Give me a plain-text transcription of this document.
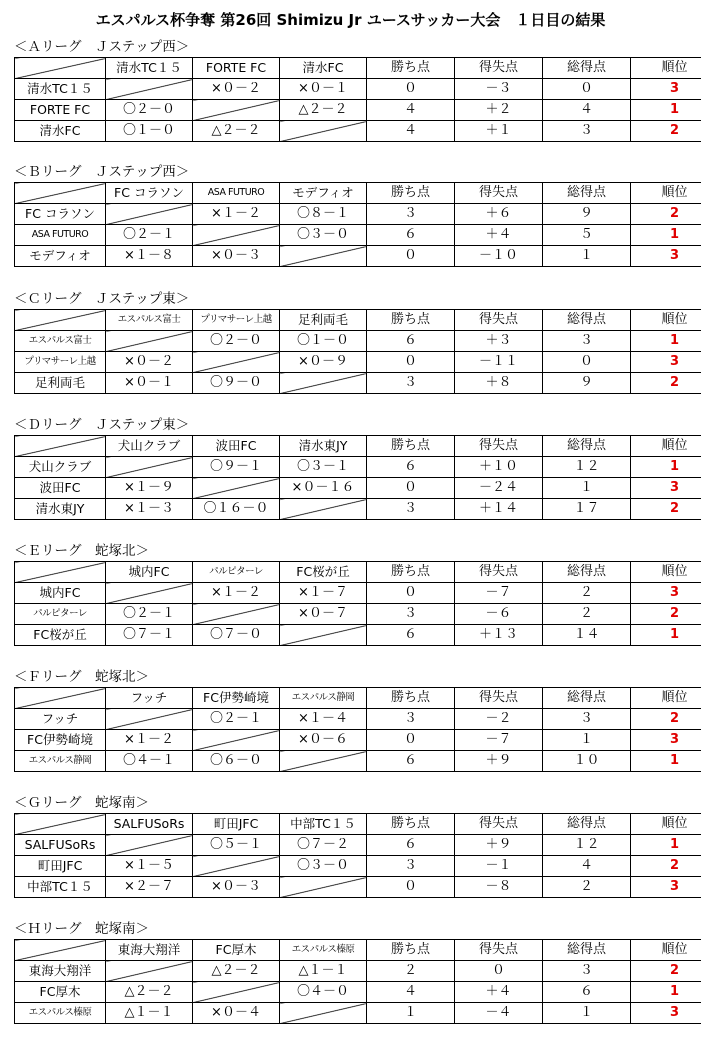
エスパルス杯争奪 第26回 Shimizu Jr ユースサッカー大会　１日目の結果
＜Ａリーグ　Ｊステップ西＞
	清水TC１５	FORTE FC	清水FC	勝ち点	得失点	総得点	順位
清水TC１５		×０－２	×０－１	０	－３	０	3
FORTE FC	〇２－０		△２－２	４	＋２	４	1
清水FC	〇１－０	△２－２		４	＋１	３	2
＜Ｂリーグ　Ｊステップ西＞
	FC コラソン	ASA FUTURO	モデフィオ	勝ち点	得失点	総得点	順位
FC コラソン		×１－２	〇８－１	３	＋６	９	2
ASA FUTURO	〇２－１		〇３－０	６	＋４	５	1
モデフィオ	×１－８	×０－３		０	－１０	１	3
＜Ｃリーグ　Ｊステップ東＞
	エスパルス富士	プリマサーレ上越	足利両毛	勝ち点	得失点	総得点	順位
エスパルス富士		〇２－０	〇１－０	６	＋３	３	1
プリマサーレ上越	×０－２		×０－９	０	－１１	０	3
足利両毛	×０－１	〇９－０		３	＋８	９	2
＜Ｄリーグ　Ｊステップ東＞
	犬山クラブ	波田FC	清水東JY	勝ち点	得失点	総得点	順位
犬山クラブ		〇９－１	〇３－１	６	＋１０	１２	1
波田FC	×１－９		×０－１６	０	－２４	１	3
清水東JY	×１－３	〇１６－０		３	＋１４	１７	2
＜Ｅリーグ　蛇塚北＞
	城内FC	パルピターレ	FC桜が丘	勝ち点	得失点	総得点	順位
城内FC		×１－２	×１－７	０	－７	２	3
パルピターレ	〇２－１		×０－７	３	－６	２	2
FC桜が丘	〇７－１	〇７－０		６	＋１３	１４	1
＜Ｆリーグ　蛇塚北＞
	フッチ	FC伊勢崎境	エスパルス静岡	勝ち点	得失点	総得点	順位
フッチ		〇２－１	×１－４	３	－２	３	2
FC伊勢崎境	×１－２		×０－６	０	－７	１	3
エスパルス静岡	〇４－１	〇６－０		６	＋９	１０	1
＜Ｇリーグ　蛇塚南＞
	SALFUSoRs	町田JFC	中部TC１５	勝ち点	得失点	総得点	順位
SALFUSoRs		〇５－１	〇７－２	６	＋９	１２	1
町田JFC	×１－５		〇３－０	３	－１	４	2
中部TC１５	×２－７	×０－３		０	－８	２	3
＜Ｈリーグ　蛇塚南＞
	東海大翔洋	FC厚木	エスパルス榛原	勝ち点	得失点	総得点	順位
東海大翔洋		△２－２	△１－１	２	０	３	2
FC厚木	△２－２		〇４－０	４	＋４	６	1
エスパルス榛原	△１－１	×０－４		１	－４	１	3
